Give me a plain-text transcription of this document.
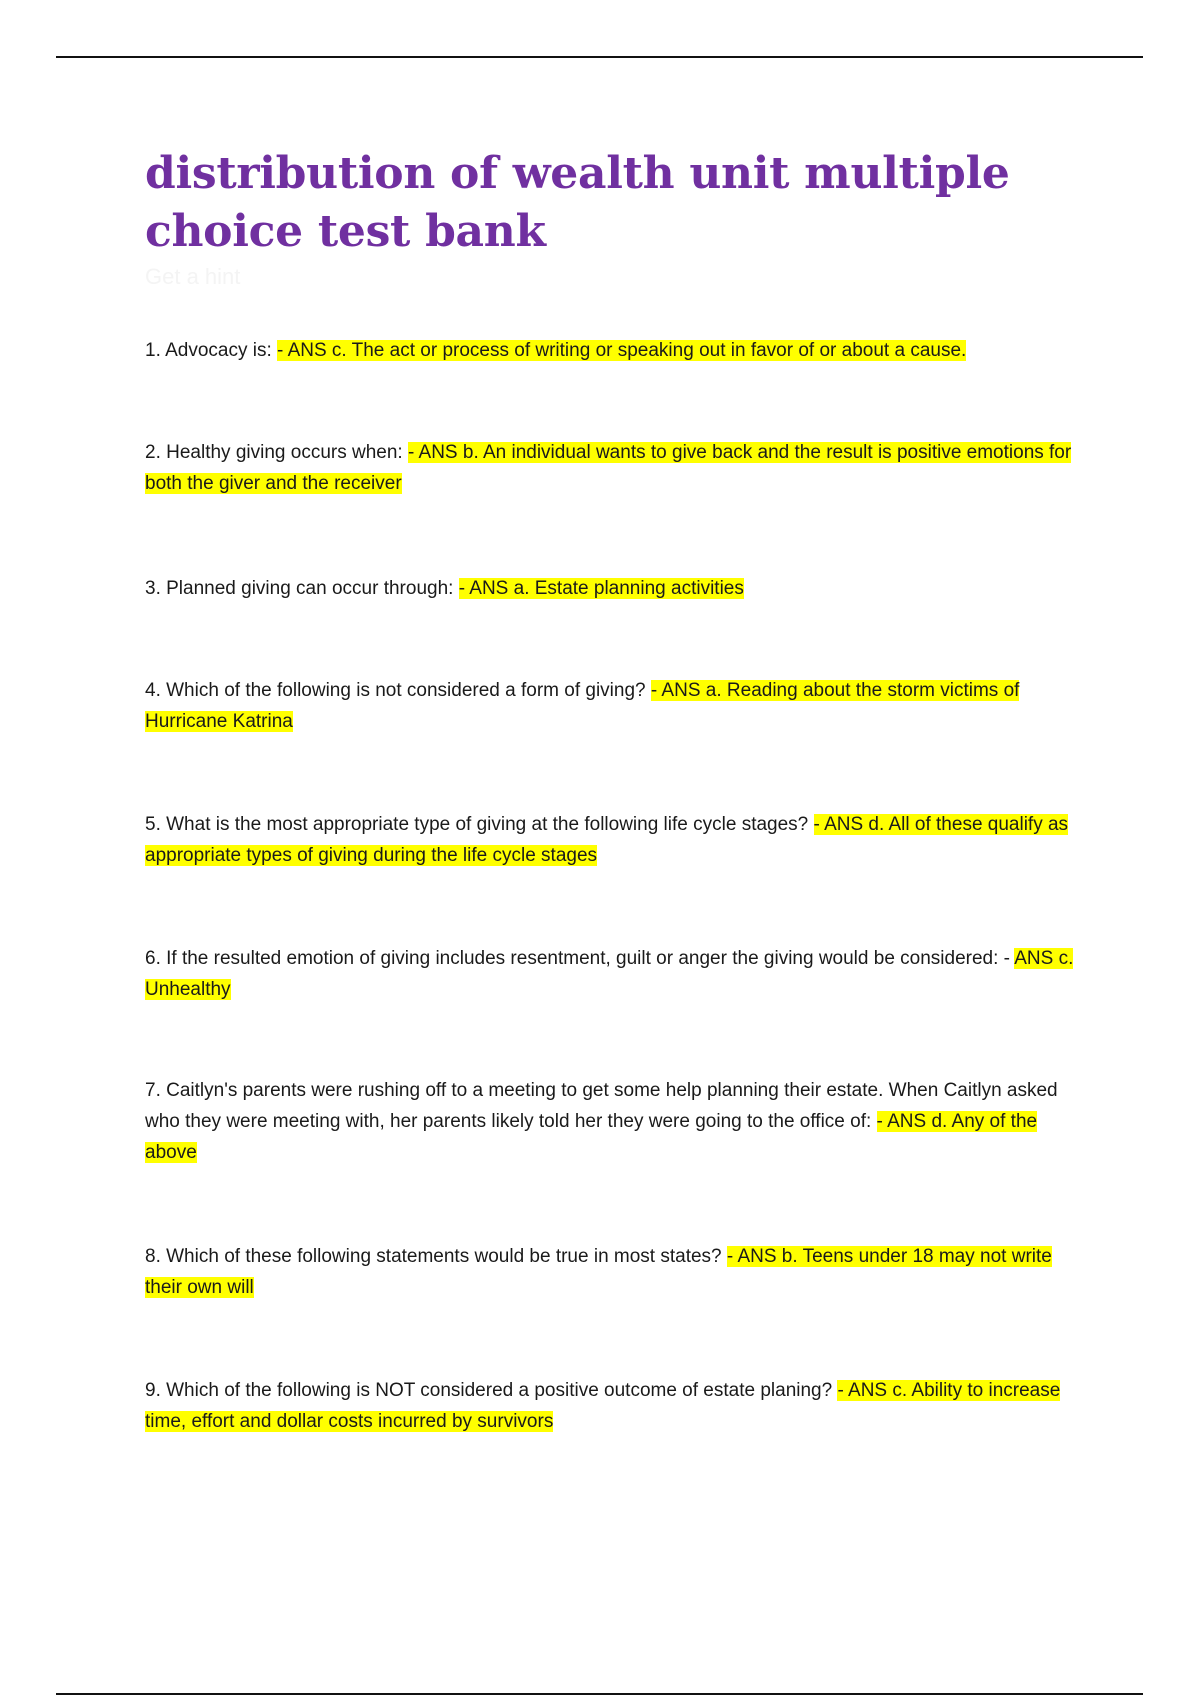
distribution of wealth unit multiple choice test bank

Get a hint

1. Advocacy is: - ANS c. The act or process of writing or speaking out in favor of or about a cause.
2. Healthy giving occurs when: - ANS b. An individual wants to give back and the result is positive emotions for both the giver and the receiver
3. Planned giving can occur through: - ANS a. Estate planning activities
4. Which of the following is not considered a form of giving? - ANS a. Reading about the storm victims of Hurricane Katrina
5. What is the most appropriate type of giving at the following life cycle stages? - ANS d. All of these qualify as appropriate types of giving during the life cycle stages
6. If the resulted emotion of giving includes resentment, guilt or anger the giving would be considered: - ANS c. Unhealthy
7. Caitlyn's parents were rushing off to a meeting to get some help planning their estate. When Caitlyn asked who they were meeting with, her parents likely told her they were going to the office of: - ANS d. Any of the above
8. Which of these following statements would be true in most states? - ANS b. Teens under 18 may not write their own will
9. Which of the following is NOT considered a positive outcome of estate planing? - ANS c. Ability to increase time, effort and dollar costs incurred by survivors
